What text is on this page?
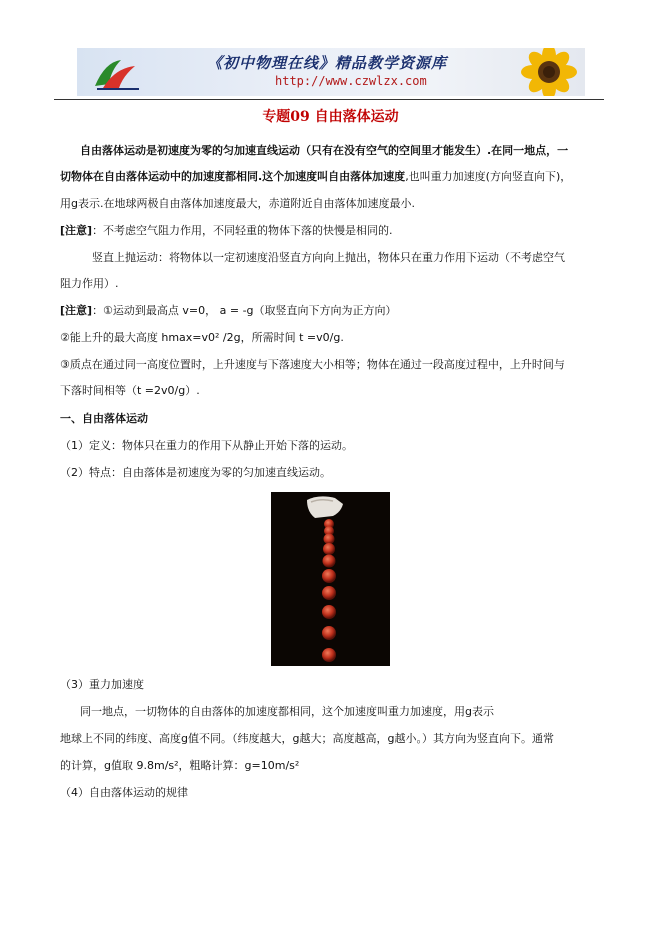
《初中物理在线》精品教学资源库
http://www.czwlzx.com
专题09 自由落体运动
自由落体运动是初速度为零的匀加速直线运动（只有在没有空气的空间里才能发生）.在同一地点，一
切物体在自由落体运动中的加速度都相同.这个加速度叫自由落体加速度,也叫重力加速度(方向竖直向下)，
用g表示.在地球两极自由落体加速度最大，赤道附近自由落体加速度最小.
[注意]：不考虑空气阻力作用，不同轻重的物体下落的快慢是相同的.
竖直上抛运动：将物体以一定初速度沿竖直方向向上抛出，物体只在重力作用下运动（不考虑空气
阻力作用）.
[注意]：①运动到最高点 v=0， a = -g（取竖直向下方向为正方向）
②能上升的最大高度 hmax=v0² /2g，所需时间 t =v0/g.
③质点在通过同一高度位置时，上升速度与下落速度大小相等；物体在通过一段高度过程中，上升时间与
下落时间相等（t =2v0/g）.
一、自由落体运动
（1）定义：物体只在重力的作用下从静止开始下落的运动。
（2）特点：自由落体是初速度为零的匀加速直线运动。
（3）重力加速度
同一地点，一切物体的自由落体的加速度都相同，这个加速度叫重力加速度，用g表示
地球上不同的纬度、高度g值不同。（纬度越大，g越大；高度越高，g越小。）其方向为竖直向下。通常
的计算，g值取 9.8m/s²，粗略计算：g=10m/s²
（4）自由落体运动的规律
